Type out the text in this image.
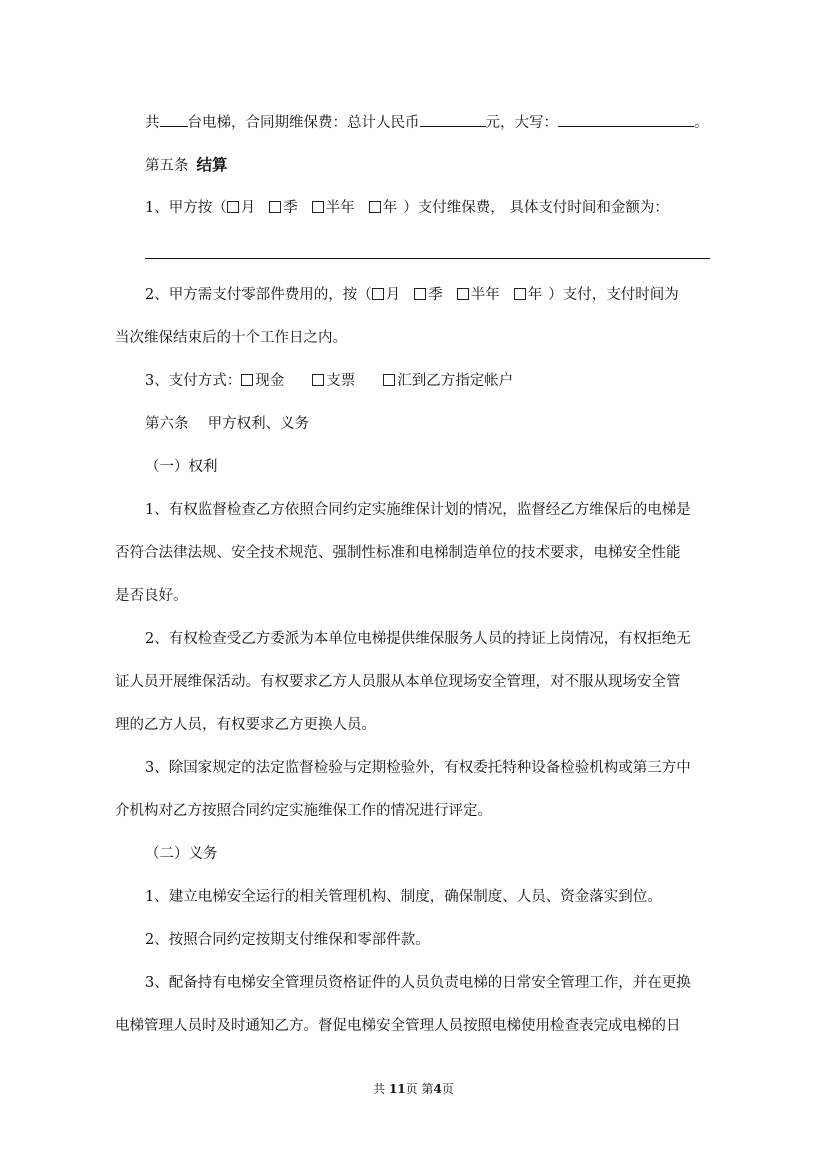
共 台电梯，合同期维保费：总计人民币	元，大写：	。
第五条 结算
1、甲方按（ 月 季 半年 年 ）支付维保费， 具体支付时间和金额为：
2、甲方需支付零部件费用的，按（ 月 季 半年 年 ）支付，支付时间为
当次维保结束后的十个工作日之内。
3、支付方式： 现金	支票	汇到乙方指定帐户
第六条　 甲方权利、义务
（一）权利
1、有权监督检查乙方依照合同约定实施维保计划的情况，监督经乙方维保后的电梯是
否符合法律法规、安全技术规范、强制性标准和电梯制造单位的技术要求，电梯安全性能
是否良好。
2、有权检查受乙方委派为本单位电梯提供维保服务人员的持证上岗情况，有权拒绝无
证人员开展维保活动。有权要求乙方人员服从本单位现场安全管理，对不服从现场安全管
理的乙方人员，有权要求乙方更换人员。
3、除国家规定的法定监督检验与定期检验外，有权委托特种设备检验机构或第三方中
介机构对乙方按照合同约定实施维保工作的情况进行评定。
（二）义务
1、建立电梯安全运行的相关管理机构、制度，确保制度、人员、资金落实到位。
2、按照合同约定按期支付维保和零部件款。
3、配备持有电梯安全管理员资格证件的人员负责电梯的日常安全管理工作，并在更换
电梯管理人员时及时通知乙方。督促电梯安全管理人员按照电梯使用检查表完成电梯的日
共 11页 第4页
